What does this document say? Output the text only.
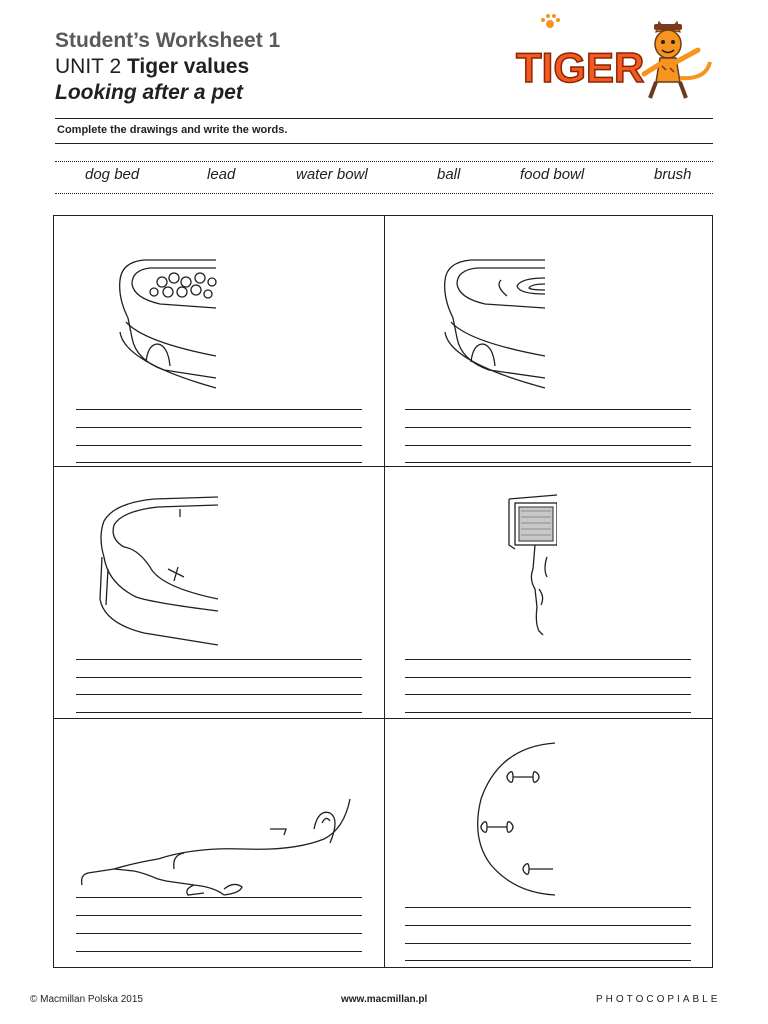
Student’s Worksheet 1
UNIT 2 Tiger values
Looking after a pet
TIGER
Complete the drawings and write the words.
dog bed	lead	water bowl	ball	food bowl	brush
© Macmillan Polska 2015	www.macmillan.pl	PHOTOCOPIABLE
